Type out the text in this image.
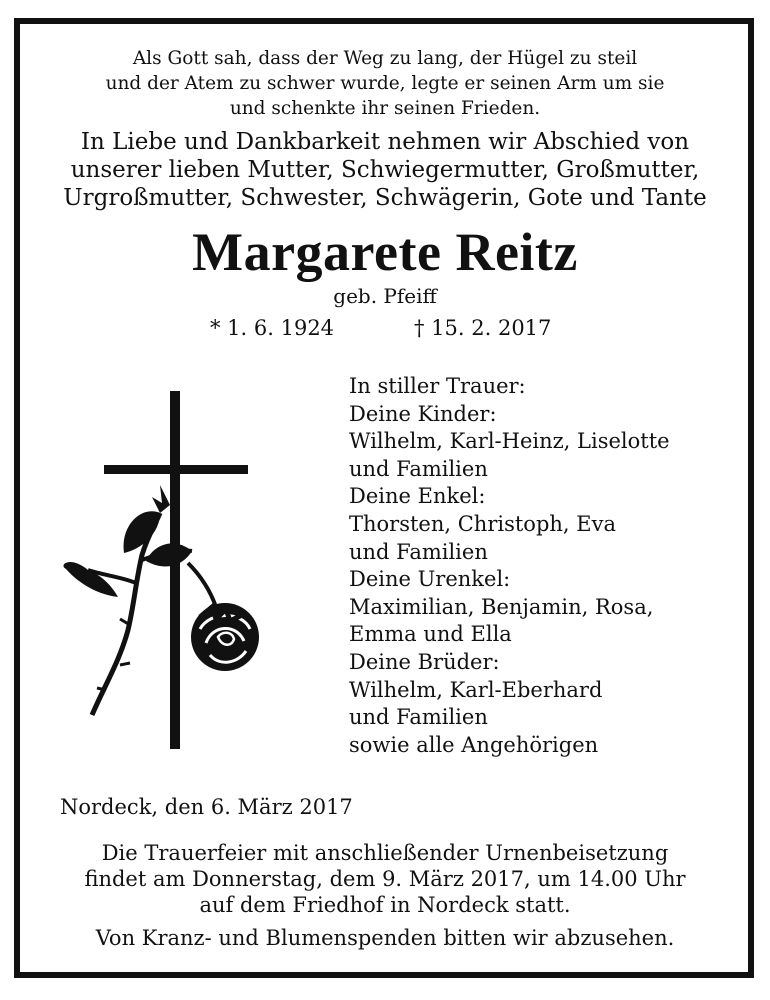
Als Gott sah, dass der Weg zu lang, der Hügel zu steil
und der Atem zu schwer wurde, legte er seinen Arm um sie
und schenkte ihr seinen Frieden.
In Liebe und Dankbarkeit nehmen wir Abschied von
unserer lieben Mutter, Schwiegermutter, Großmutter,
Urgroßmutter, Schwester, Schwägerin, Gote und Tante
Margarete Reitz
geb. Pfeiff
* 1. 6. 1924	† 15. 2. 2017
In stiller Trauer:
Deine Kinder:
Wilhelm, Karl-Heinz, Liselotte
und Familien
Deine Enkel:
Thorsten, Christoph, Eva
und Familien
Deine Urenkel:
Maximilian, Benjamin, Rosa,
Emma und Ella
Deine Brüder:
Wilhelm, Karl-Eberhard
und Familien
sowie alle Angehörigen
Nordeck, den 6. März 2017
Die Trauerfeier mit anschließender Urnenbeisetzung
findet am Donnerstag, dem 9. März 2017, um 14.00 Uhr
auf dem Friedhof in Nordeck statt.
Von Kranz- und Blumenspenden bitten wir abzusehen.
